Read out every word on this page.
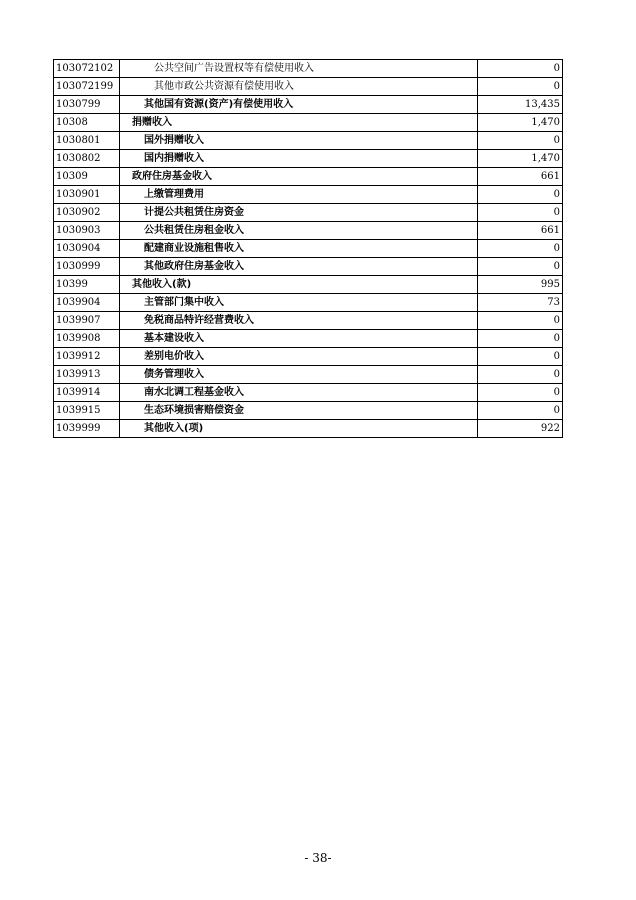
103072102	公共空间广告设置权等有偿使用收入	0
103072199	其他市政公共资源有偿使用收入	0
1030799	其他国有资源(资产)有偿使用收入	13,435
10308	捐赠收入	1,470
1030801	国外捐赠收入	0
1030802	国内捐赠收入	1,470
10309	政府住房基金收入	661
1030901	上缴管理费用	0
1030902	计提公共租赁住房资金	0
1030903	公共租赁住房租金收入	661
1030904	配建商业设施租售收入	0
1030999	其他政府住房基金收入	0
10399	其他收入(款)	995
1039904	主管部门集中收入	73
1039907	免税商品特许经营费收入	0
1039908	基本建设收入	0
1039912	差别电价收入	0
1039913	债务管理收入	0
1039914	南水北调工程基金收入	0
1039915	生态环境损害赔偿资金	0
1039999	其他收入(项)	922
- 38-
